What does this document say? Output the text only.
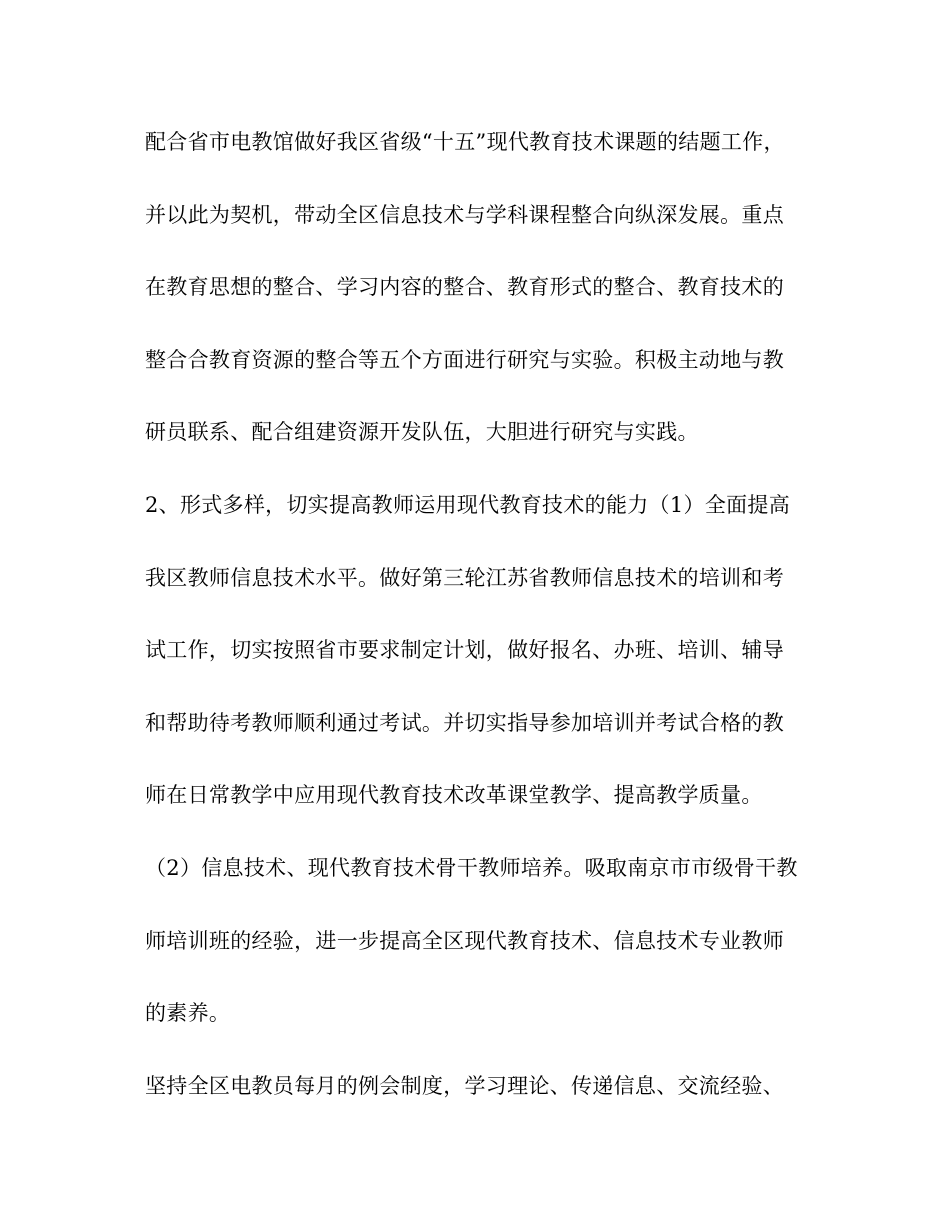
配合省市电教馆做好我区省级“十五”现代教育技术课题的结题工作，
并以此为契机，带动全区信息技术与学科课程整合向纵深发展。重点
在教育思想的整合、学习内容的整合、教育形式的整合、教育技术的
整合合教育资源的整合等五个方面进行研究与实验。积极主动地与教
研员联系、配合组建资源开发队伍，大胆进行研究与实践。
2、形式多样，切实提高教师运用现代教育技术的能力（1）全面提高
我区教师信息技术水平。做好第三轮江苏省教师信息技术的培训和考
试工作，切实按照省市要求制定计划，做好报名、办班、培训、辅导
和帮助待考教师顺利通过考试。并切实指导参加培训并考试合格的教
师在日常教学中应用现代教育技术改革课堂教学、提高教学质量。
（2）信息技术、现代教育技术骨干教师培养。吸取南京市市级骨干教
师培训班的经验，进一步提高全区现代教育技术、信息技术专业教师
的素养。
坚持全区电教员每月的例会制度，学习理论、传递信息、交流经验、
